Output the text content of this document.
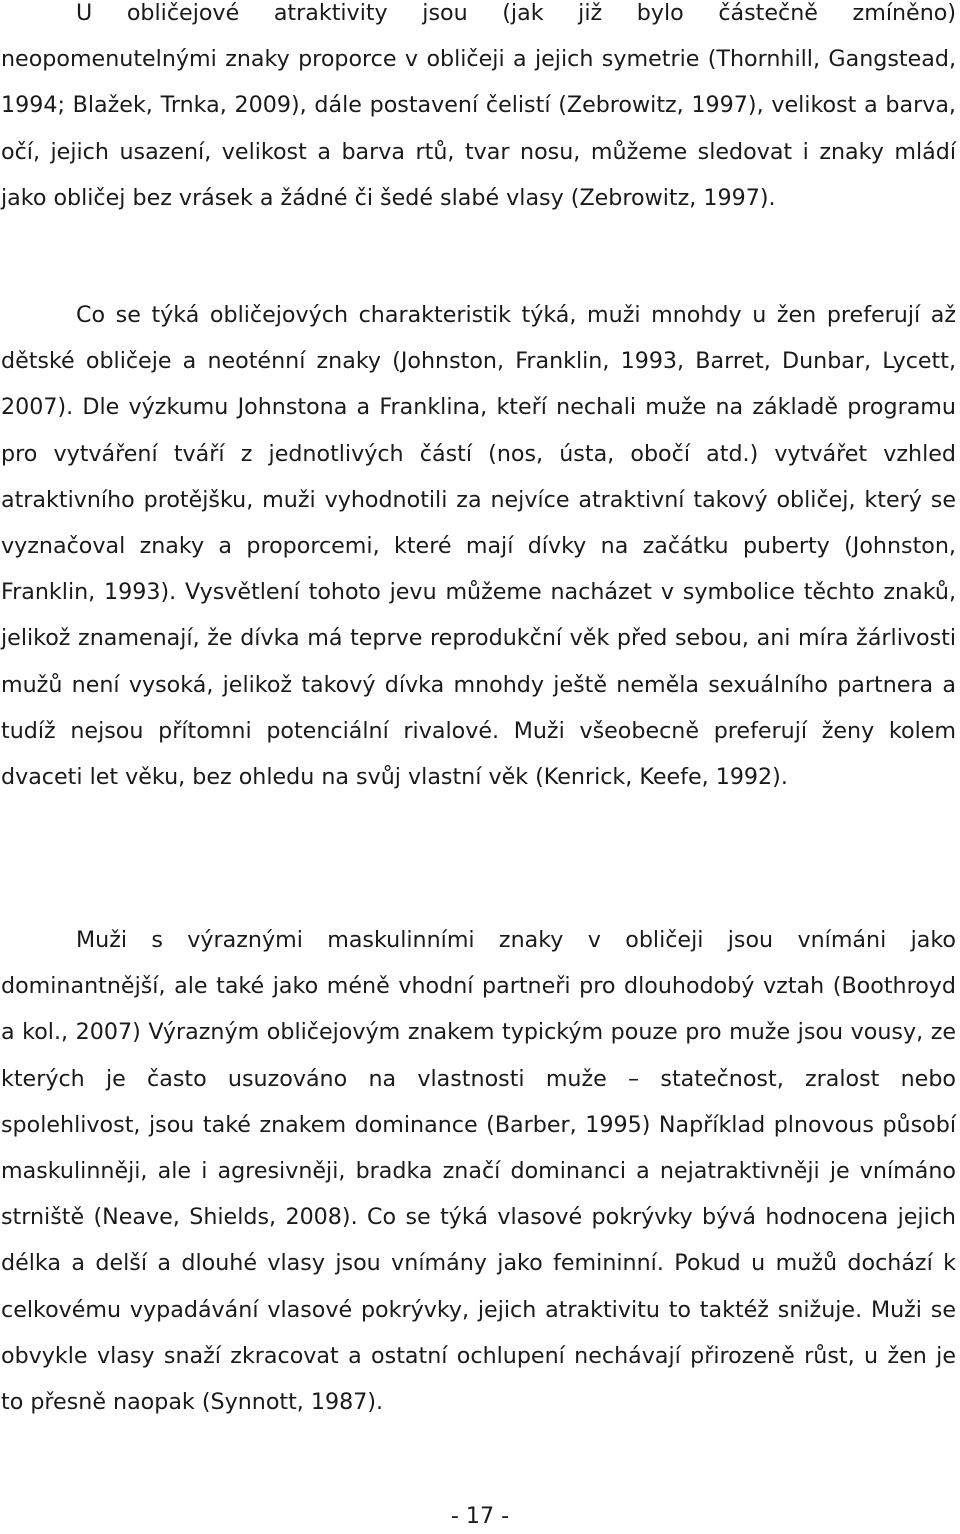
U obličejové atraktivity jsou (jak již bylo částečně zmíněno) neopomenutelnými znaky proporce v obličeji a jejich symetrie (Thornhill, Gangstead, 1994; Blažek, Trnka, 2009), dále postavení čelistí (Zebrowitz, 1997), velikost a barva, očí, jejich usazení, velikost a barva rtů, tvar nosu, můžeme sledovat i znaky mládí jako obličej bez vrásek a žádné či šedé slabé vlasy (Zebrowitz, 1997).

Co se týká obličejových charakteristik týká, muži mnohdy u žen preferují až dětské obličeje a neoténní znaky (Johnston, Franklin, 1993, Barret, Dunbar, Lycett, 2007). Dle výzkumu Johnstona a Franklina, kteří nechali muže na základě programu pro vytváření tváří z jednotlivých částí (nos, ústa, obočí atd.) vytvářet vzhled atraktivního protějšku, muži vyhodnotili za nejvíce atraktivní takový obličej, který se vyznačoval znaky a proporcemi, které mají dívky na začátku puberty (Johnston, Franklin, 1993). Vysvětlení tohoto jevu můžeme nacházet v symbolice těchto znaků, jelikož znamenají, že dívka má teprve reprodukční věk před sebou, ani míra žárlivosti mužů není vysoká, jelikož takový dívka mnohdy ještě neměla sexuálního partnera a tudíž nejsou přítomni potenciální rivalové. Muži všeobecně preferují ženy kolem dvaceti let věku, bez ohledu na svůj vlastní věk (Kenrick, Keefe, 1992).

Muži s výraznými maskulinními znaky v obličeji jsou vnímáni jako dominantnější, ale také jako méně vhodní partneři pro dlouhodobý vztah (Boothroyd a kol., 2007) Výrazným obličejovým znakem typickým pouze pro muže jsou vousy, ze kterých je často usuzováno na vlastnosti muže – statečnost, zralost nebo spolehlivost, jsou také znakem dominance (Barber, 1995) Například plnovous působí maskulinněji, ale i agresivněji, bradka značí dominanci a nejatraktivněji je vnímáno strniště (Neave, Shields, 2008). Co se týká vlasové pokrývky bývá hodnocena jejich délka a delší a dlouhé vlasy jsou vnímány jako femininní. Pokud u mužů dochází k celkovému vypadávání vlasové pokrývky, jejich atraktivitu to taktéž snižuje. Muži se obvykle vlasy snaží zkracovat a ostatní ochlupení nechávají přirozeně růst, u žen je to přesně naopak (Synnott, 1987).

- 17 -
